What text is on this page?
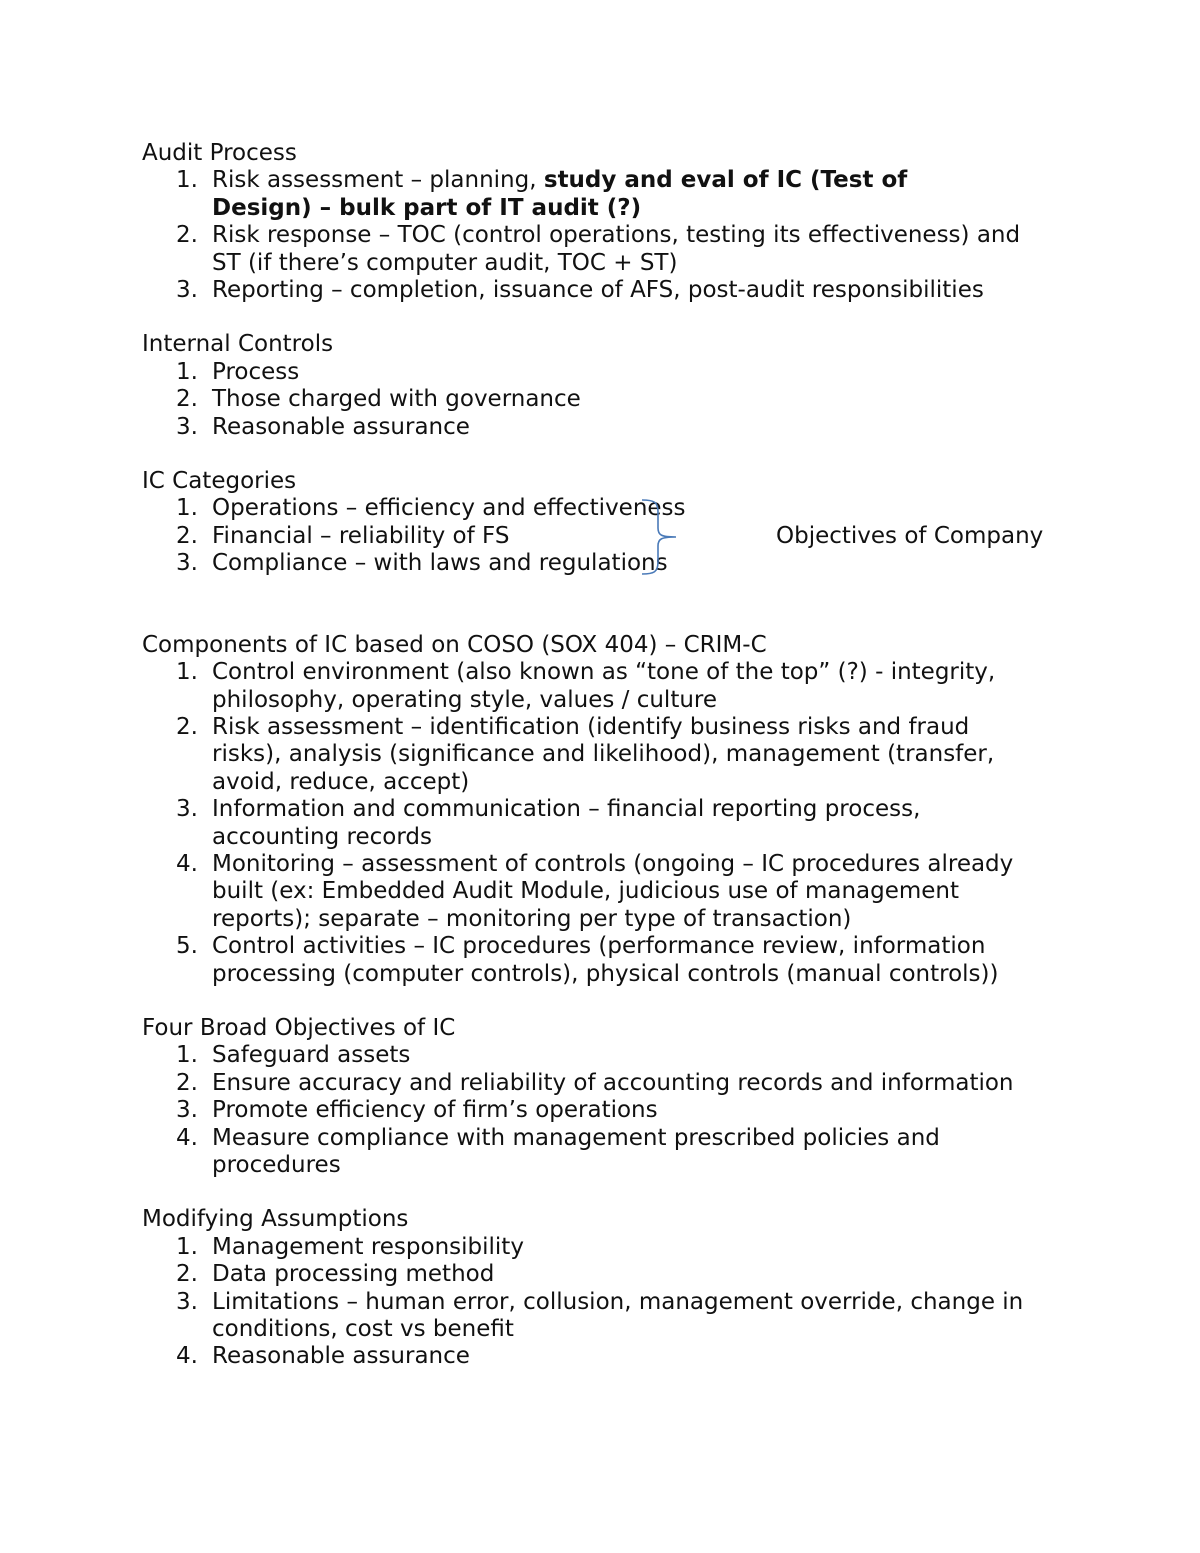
Audit Process
1. Risk assessment – planning, study and eval of IC (Test of Design) – bulk part of IT audit (?)
2. Risk response – TOC (control operations, testing its effectiveness) and ST (if there’s computer audit, TOC + ST)
3. Reporting – completion, issuance of AFS, post-audit responsibilities
Internal Controls
1. Process
2. Those charged with governance
3. Reasonable assurance
IC Categories
1. Operations – efficiency and effectiveness
2. Financial – reliability of FS
3. Compliance – with laws and regulations
Objectives of Company
Components of IC based on COSO (SOX 404) – CRIM-C
1. Control environment (also known as “tone of the top” (?) - integrity, philosophy, operating style, values / culture
2. Risk assessment – identification (identify business risks and fraud risks), analysis (significance and likelihood), management (transfer, avoid, reduce, accept)
3. Information and communication – financial reporting process, accounting records
4. Monitoring – assessment of controls (ongoing – IC procedures already built (ex: Embedded Audit Module, judicious use of management reports); separate – monitoring per type of transaction)
5. Control activities – IC procedures (performance review, information processing (computer controls), physical controls (manual controls))
Four Broad Objectives of IC
1. Safeguard assets
2. Ensure accuracy and reliability of accounting records and information
3. Promote efficiency of firm’s operations
4. Measure compliance with management prescribed policies and procedures
Modifying Assumptions
1. Management responsibility
2. Data processing method
3. Limitations – human error, collusion, management override, change in conditions, cost vs benefit
4. Reasonable assurance
